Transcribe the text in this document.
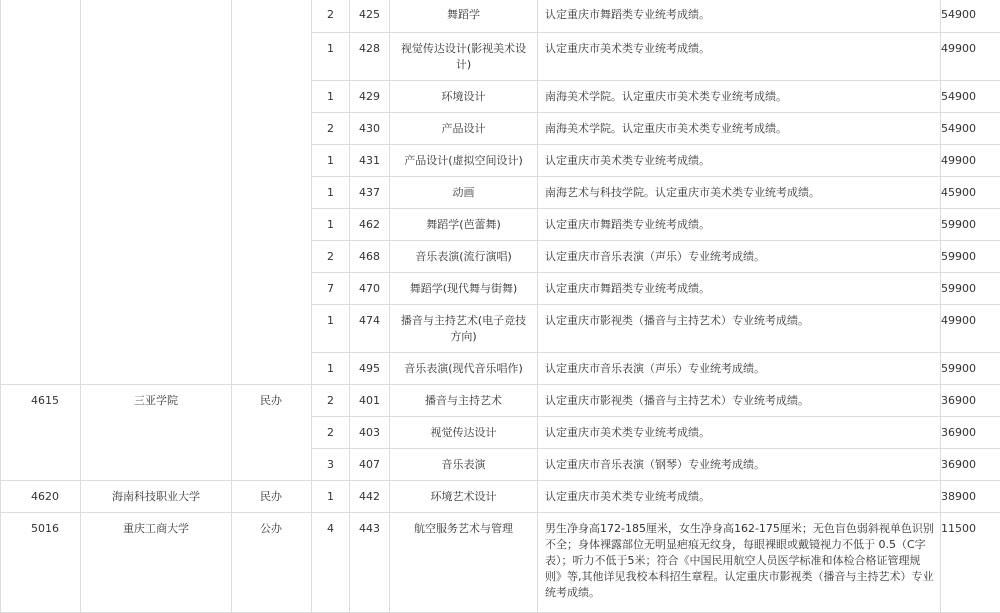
			2	425	舞蹈学	认定重庆市舞蹈类专业统考成绩。	54900
			1	428	视觉传达设计(影视美术设计)	认定重庆市美术类专业统考成绩。	49900
			1	429	环境设计	南海美术学院。认定重庆市美术类专业统考成绩。	54900
			2	430	产品设计	南海美术学院。认定重庆市美术类专业统考成绩。	54900
			1	431	产品设计(虚拟空间设计)	认定重庆市美术类专业统考成绩。	49900
			1	437	动画	南海艺术与科技学院。认定重庆市美术类专业统考成绩。	45900
			1	462	舞蹈学(芭蕾舞)	认定重庆市舞蹈类专业统考成绩。	59900
			2	468	音乐表演(流行演唱)	认定重庆市音乐表演（声乐）专业统考成绩。	59900
			7	470	舞蹈学(现代舞与街舞)	认定重庆市舞蹈类专业统考成绩。	59900
			1	474	播音与主持艺术(电子竞技方向)	认定重庆市影视类（播音与主持艺术）专业统考成绩。	49900
			1	495	音乐表演(现代音乐唱作)	认定重庆市音乐表演（声乐）专业统考成绩。	59900
4615	三亚学院	民办	2	401	播音与主持艺术	认定重庆市影视类（播音与主持艺术）专业统考成绩。	36900
			2	403	视觉传达设计	认定重庆市美术类专业统考成绩。	36900
			3	407	音乐表演	认定重庆市音乐表演（钢琴）专业统考成绩。	36900
4620	海南科技职业大学	民办	1	442	环境艺术设计	认定重庆市美术类专业统考成绩。	38900
5016	重庆工商大学	公办	4	443	航空服务艺术与管理	男生净身高172-185厘米，女生净身高162-175厘米；无色盲色弱斜视单色识别不全；身体裸露部位无明显疤痕无纹身，每眼裸眼或戴镜视力不低于 0.5（C字表）；听力不低于5米；符合《中国民用航空人员医学标准和体检合格证管理规则》等,其他详见我校本科招生章程。认定重庆市影视类（播音与主持艺术）专业统考成绩。	11500
